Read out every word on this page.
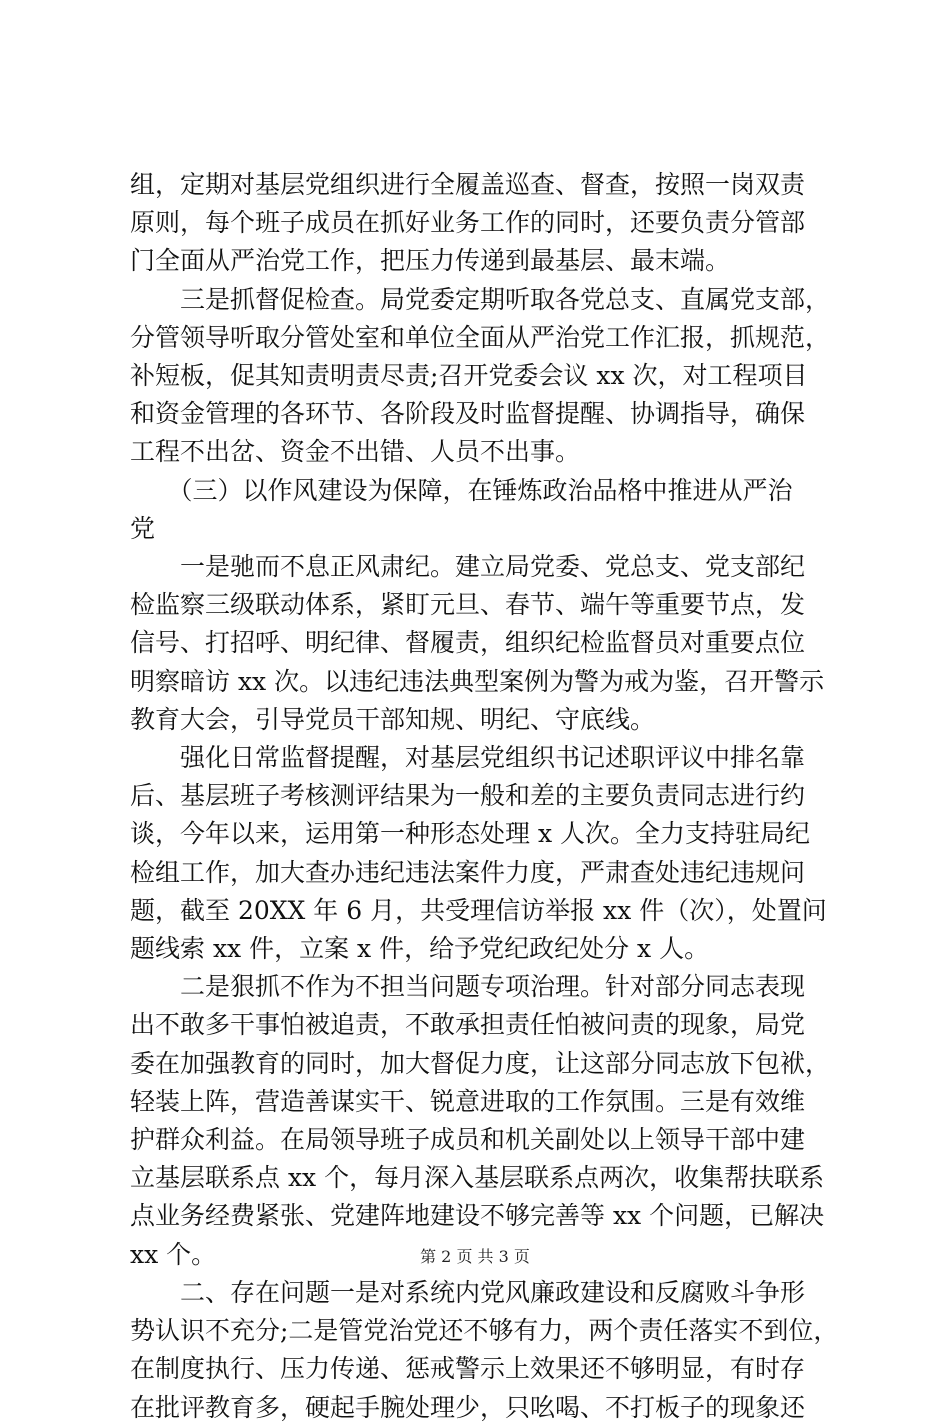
组，定期对基层党组织进行全履盖巡查、督查，按照一岗双责
原则，每个班子成员在抓好业务工作的同时，还要负责分管部
门全面从严治党工作，把压力传递到最基层、最末端。
　　三是抓督促检查。局党委定期听取各党总支、直属党支部，
分管领导听取分管处室和单位全面从严治党工作汇报，抓规范，
补短板，促其知责明责尽责;召开党委会议 xx 次，对工程项目
和资金管理的各环节、各阶段及时监督提醒、协调指导，确保
工程不出岔、资金不出错、人员不出事。
　　（三）以作风建设为保障，在锤炼政治品格中推进从严治
党
　　一是驰而不息正风肃纪。建立局党委、党总支、党支部纪
检监察三级联动体系，紧盯元旦、春节、端午等重要节点，发
信号、打招呼、明纪律、督履责，组织纪检监督员对重要点位
明察暗访 xx 次。以违纪违法典型案例为警为戒为鉴，召开警示
教育大会，引导党员干部知规、明纪、守底线。
　　强化日常监督提醒，对基层党组织书记述职评议中排名靠
后、基层班子考核测评结果为一般和差的主要负责同志进行约
谈，今年以来，运用第一种形态处理 x 人次。全力支持驻局纪
检组工作，加大查办违纪违法案件力度，严肃查处违纪违规问
题，截至 20XX 年 6 月，共受理信访举报 xx 件（次），处置问
题线索 xx 件，立案 x 件，给予党纪政纪处分 x 人。
　　二是狠抓不作为不担当问题专项治理。针对部分同志表现
出不敢多干事怕被追责，不敢承担责任怕被问责的现象，局党
委在加强教育的同时，加大督促力度，让这部分同志放下包袱，
轻装上阵，营造善谋实干、锐意进取的工作氛围。三是有效维
护群众利益。在局领导班子成员和机关副处以上领导干部中建
立基层联系点 xx 个，每月深入基层联系点两次，收集帮扶联系
点业务经费紧张、党建阵地建设不够完善等 xx 个问题，已解决
xx 个。
　　二、存在问题一是对系统内党风廉政建设和反腐败斗争形
势认识不充分;二是管党治党还不够有力，两个责任落实不到位，
在制度执行、压力传递、惩戒警示上效果还不够明显，有时存
在批评教育多，硬起手腕处理少，只吆喝、不打板子的现象还
第 2 页 共 3 页
